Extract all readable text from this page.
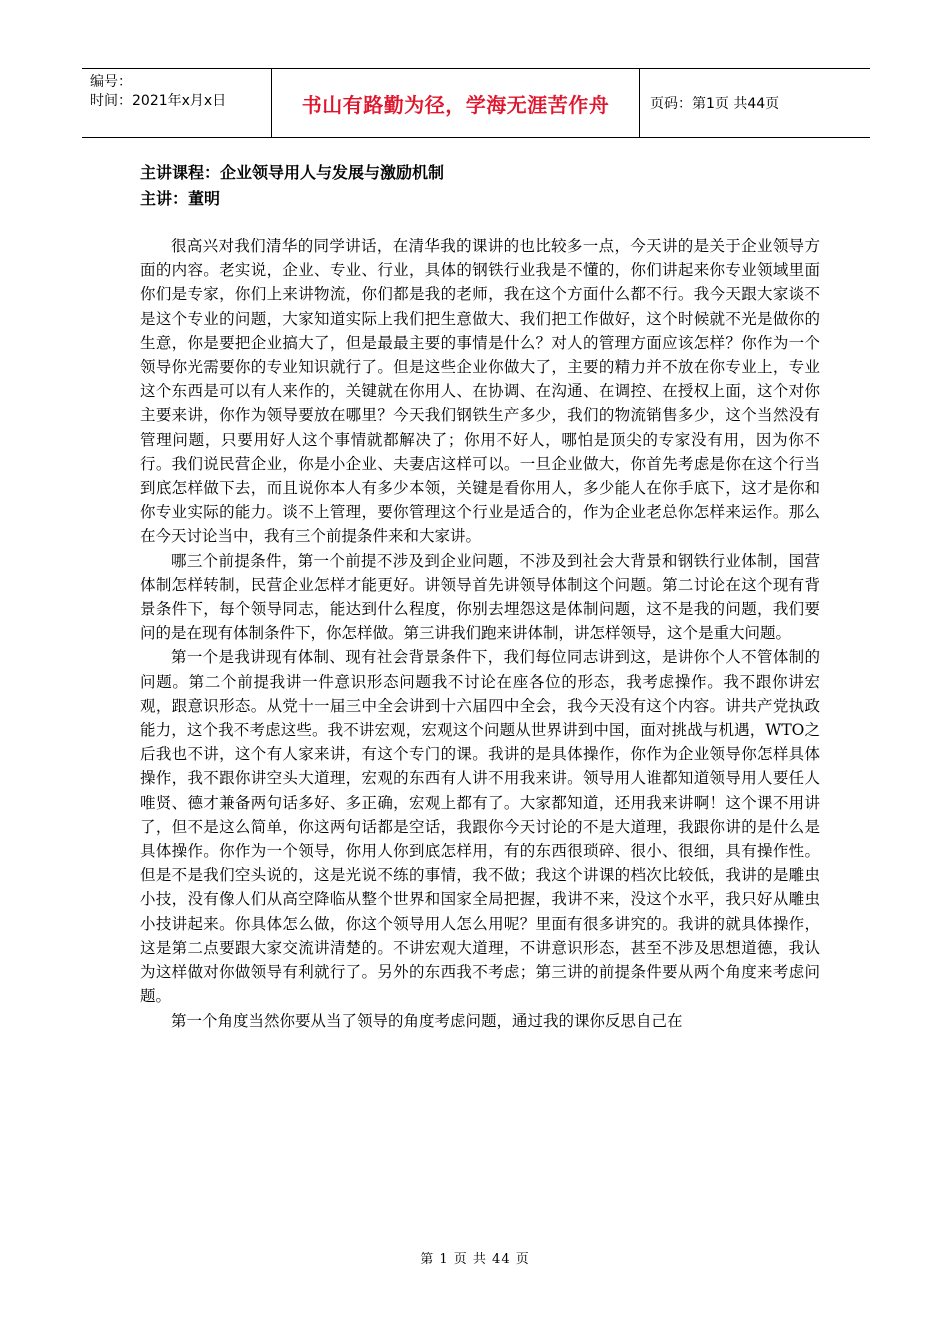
编号：
时间：2021年x月x日	书山有路勤为径，学海无涯苦作舟	页码：第1页 共44页
主讲课程：企业领导用人与发展与激励机制
主讲：董明

很高兴对我们清华的同学讲话，在清华我的课讲的也比较多一点，今天讲的是关于企业领导方面的内容。老实说，企业、专业、行业，具体的钢铁行业我是不懂的，你们讲起来你专业领域里面你们是专家，你们上来讲物流，你们都是我的老师，我在这个方面什么都不行。我今天跟大家谈不是这个专业的问题，大家知道实际上我们把生意做大、我们把工作做好，这个时候就不光是做你的生意，你是要把企业搞大了，但是最最主要的事情是什么？对人的管理方面应该怎样？你作为一个领导你光需要你的专业知识就行了。但是这些企业你做大了，主要的精力并不放在你专业上，专业这个东西是可以有人来作的，关键就在你用人、在协调、在沟通、在调控、在授权上面，这个对你主要来讲，你作为领导要放在哪里？今天我们钢铁生产多少，我们的物流销售多少，这个当然没有管理问题，只要用好人这个事情就都解决了；你用不好人，哪怕是顶尖的专家没有用，因为你不行。我们说民营企业，你是小企业、夫妻店这样可以。一旦企业做大，你首先考虑是你在这个行当到底怎样做下去，而且说你本人有多少本领，关键是看你用人，多少能人在你手底下，这才是你和你专业实际的能力。谈不上管理，要你管理这个行业是适合的，作为企业老总你怎样来运作。那么在今天讨论当中，我有三个前提条件来和大家讲。

哪三个前提条件，第一个前提不涉及到企业问题，不涉及到社会大背景和钢铁行业体制，国营体制怎样转制，民营企业怎样才能更好。讲领导首先讲领导体制这个问题。第二讨论在这个现有背景条件下，每个领导同志，能达到什么程度，你别去埋怨这是体制问题，这不是我的问题，我们要问的是在现有体制条件下，你怎样做。第三讲我们跑来讲体制，讲怎样领导，这个是重大问题。

第一个是我讲现有体制、现有社会背景条件下，我们每位同志讲到这，是讲你个人不管体制的问题。第二个前提我讲一件意识形态问题我不讨论在座各位的形态，我考虑操作。我不跟你讲宏观，跟意识形态。从党十一届三中全会讲到十六届四中全会，我今天没有这个内容。讲共产党执政能力，这个我不考虑这些。我不讲宏观，宏观这个问题从世界讲到中国，面对挑战与机遇，WTO之后我也不讲，这个有人家来讲，有这个专门的课。我讲的是具体操作，你作为企业领导你怎样具体操作，我不跟你讲空头大道理，宏观的东西有人讲不用我来讲。领导用人谁都知道领导用人要任人唯贤、德才兼备两句话多好、多正确，宏观上都有了。大家都知道，还用我来讲啊！这个课不用讲了，但不是这么简单，你这两句话都是空话，我跟你今天讨论的不是大道理，我跟你讲的是什么是具体操作。你作为一个领导，你用人你到底怎样用，有的东西很琐碎、很小、很细，具有操作性。但是不是我们空头说的，这是光说不练的事情，我不做；我这个讲课的档次比较低，我讲的是雕虫小技，没有像人们从高空降临从整个世界和国家全局把握，我讲不来，没这个水平，我只好从雕虫小技讲起来。你具体怎么做，你这个领导用人怎么用呢？里面有很多讲究的。我讲的就具体操作，这是第二点要跟大家交流讲清楚的。不讲宏观大道理，不讲意识形态，甚至不涉及思想道德，我认为这样做对你做领导有利就行了。另外的东西我不考虑；第三讲的前提条件要从两个角度来考虑问题。

第一个角度当然你要从当了领导的角度考虑问题，通过我的课你反思自己在

第 1 页 共 44 页
